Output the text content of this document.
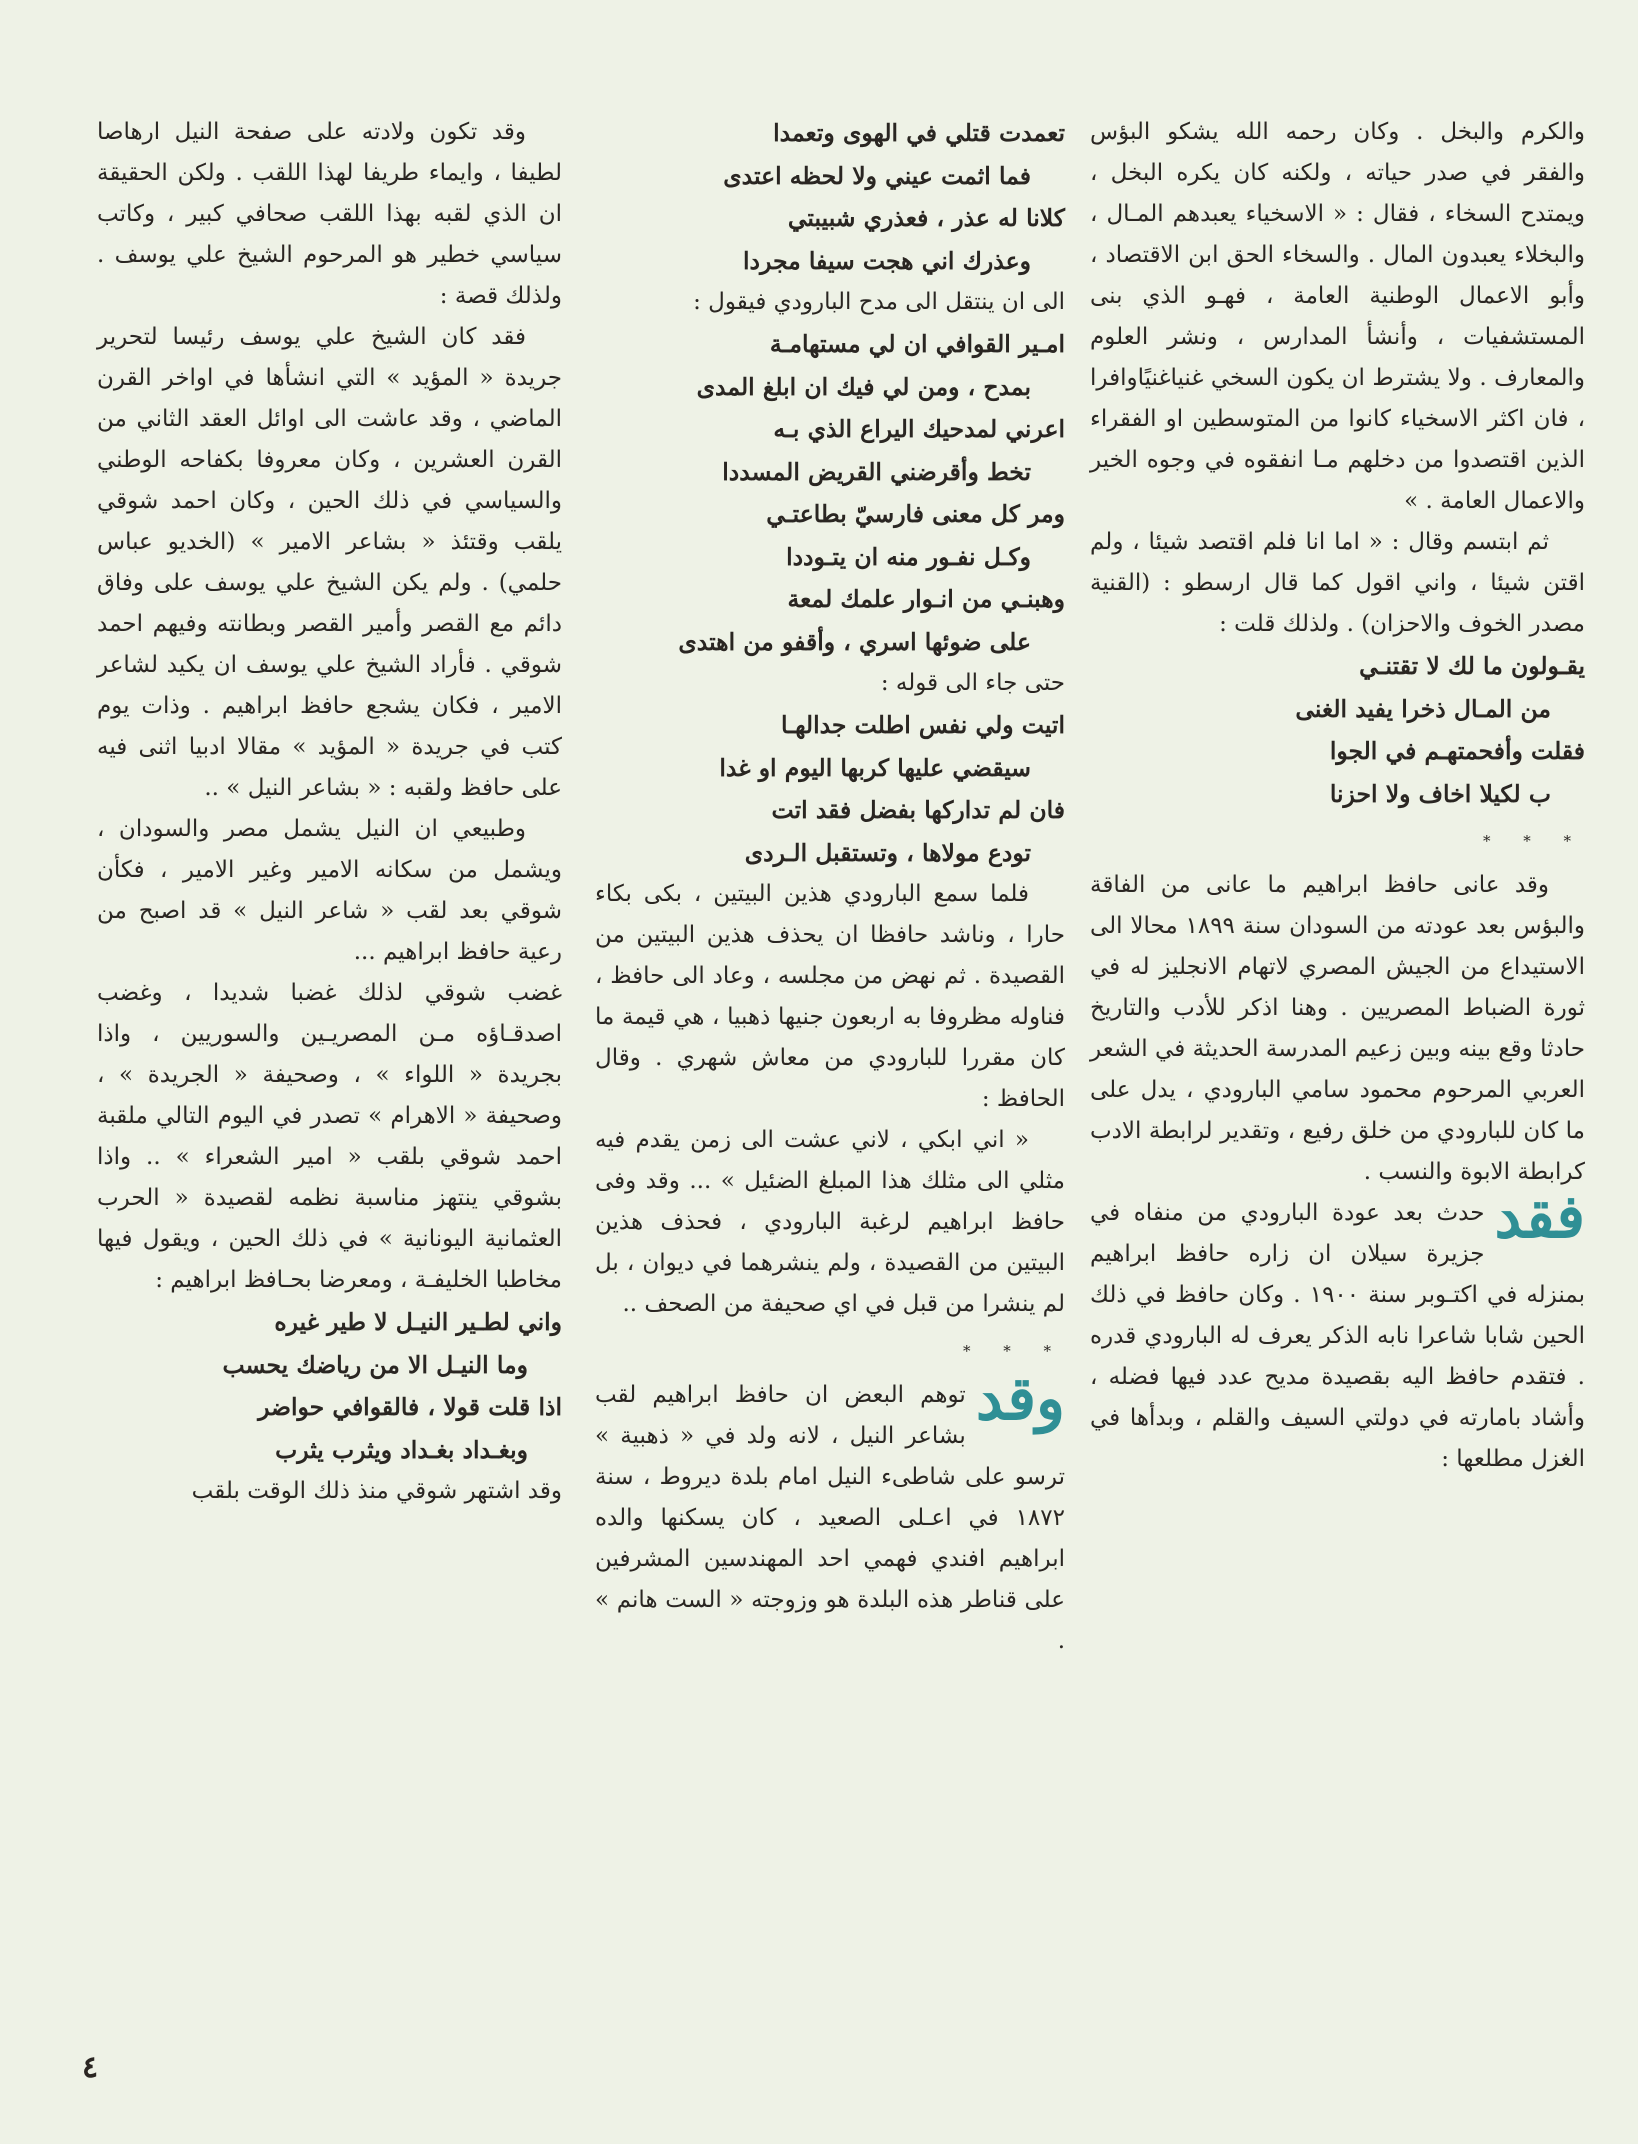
والكرم والبخل . وكان رحمه الله يشكو البؤس والفقر في صدر حياته ، ولكنه كان يكره البخل ، ويمتدح السخاء ، فقال : « الاسخياء يعبدهم المـال ، والبخلاء يعبدون المال . والسخاء الحق ابن الاقتصاد ، وأبو الاعمال الوطنية العامة ، فهـو الذي بنى المستشفيات ، وأنشأ المدارس ، ونشر العلوم والمعارف . ولا يشترط ان يكون السخي غنياغنيًاوافرا ، فان اكثر الاسخياء كانوا من المتوسطين او الفقراء الذين اقتصدوا من دخلهم مـا انفقوه في وجوه الخير والاعمال العامة . »

ثم ابتسم وقال : « اما انا فلم اقتصد شيئا ، ولم اقتن شيئا ، واني اقول كما قال ارسطو : (القنية مصدر الخوف والاحزان) . ولذلك قلت :

يقـولون ما لك لا تقتنـي
من المـال ذخرا يفيد الغنى
فقلت وأفحمتهـم في الجوا
ب لكيلا اخاف ولا احزنا
* * *

وقد عانى حافظ ابراهيم ما عانى من الفاقة والبؤس بعد عودته من السودان سنة ١٨٩٩ محالا الى الاستيداع من الجيش المصري لاتهام الانجليز له في ثورة الضباط المصريين . وهنا اذكر للأدب والتاريخ حادثا وقع بينه وبين زعيم المدرسة الحديثة في الشعر العربي المرحوم محمود سامي البارودي ، يدل على ما كان للبارودي من خلق رفيع ، وتقدير لرابطة الادب كرابطة الابوة والنسب .

فقد
حدث بعد عودة البارودي من منفاه في جزيرة سيلان ان زاره حافظ ابراهيم بمنزله في اكتـوبر سنة ١٩٠٠ . وكان حافظ في ذلك الحين شابا شاعرا نابه الذكر يعرف له البارودي قدره . فتقدم حافظ اليه بقصيدة مديح عدد فيها فضله ، وأشاد بامارته في دولتي السيف والقلم ، وبدأها في الغزل مطلعها :
تعمدت قتلي في الهوى وتعمدا
فما اثمت عيني ولا لحظه اعتدى
كلانا له عذر ، فعذري شبيبتي
وعذرك اني هجت سيفا مجردا

الى ان ينتقل الى مدح البارودي فيقول :

امـير القوافي ان لي مستهامـة
بمدح ، ومن لي فيك ان ابلغ المدى
اعرني لمدحيك اليراع الذي بـه
تخط وأقرضني القريض المسددا
ومر كل معنى فارسيّ بطاعتـي
وكـل نفـور منه ان يتـوددا
وهبنـي من انـوار علمك لمعة
على ضوئها اسري ، وأقفو من اهتدى

حتى جاء الى قوله :

اتيت ولي نفس اطلت جدالهـا
سيقضي عليها كربها اليوم او غدا
فان لم تداركها بفضل فقد اتت
تودع مولاها ، وتستقبل الـردى

فلما سمع البارودي هذين البيتين ، بكى بكاء حارا ، وناشد حافظا ان يحذف هذين البيتين من القصيدة . ثم نهض من مجلسه ، وعاد الى حافظ ، فناوله مظروفا به اربعون جنيها ذهبيا ، هي قيمة ما كان مقررا للبارودي من معاش شهري . وقال الحافظ :

« اني ابكي ، لاني عشت الى زمن يقدم فيه مثلي الى مثلك هذا المبلغ الضئيل » ... وقد وفى حافظ ابراهيم لرغبة البارودي ، فحذف هذين البيتين من القصيدة ، ولم ينشرهما في ديوان ، بل لم ينشرا من قبل في اي صحيفة من الصحف ..

* * *
وقد
توهم البعض ان حافظ ابراهيم لقب بشاعر النيل ، لانه ولد في « ذهبية » ترسو على شاطىء النيل امام بلدة ديروط ، سنة ١٨٧٢ في اعـلى الصعيد ، كان يسكنها والده ابراهيم افندي فهمي احد المهندسين المشرفين على قناطر هذه البلدة هو وزوجته « الست هانم » .

وقد تكون ولادته على صفحة النيل ارهاصا لطيفا ، وايماء طريفا لهذا اللقب . ولكن الحقيقة ان الذي لقبه بهذا اللقب صحافي كبير ، وكاتب سياسي خطير هو المرحوم الشيخ علي يوسف . ولذلك قصة :

فقد كان الشيخ علي يوسف رئيسا لتحرير جريدة « المؤيد » التي انشأها في اواخر القرن الماضي ، وقد عاشت الى اوائل العقد الثاني من القرن العشرين ، وكان معروفا بكفاحه الوطني والسياسي في ذلك الحين ، وكان احمد شوقي يلقب وقتئذ « بشاعر الامير » (الخديو عباس حلمي) . ولم يكن الشيخ علي يوسف على وفاق دائم مع القصر وأمير القصر وبطانته وفيهم احمد شوقي . فأراد الشيخ علي يوسف ان يكيد لشاعر الامير ، فكان يشجع حافظ ابراهيم . وذات يوم كتب في جريدة « المؤيد » مقالا ادبيا اثنى فيه على حافظ ولقبه : « بشاعر النيل » ..

وطبيعي ان النيل يشمل مصر والسودان ، ويشمل من سكانه الامير وغير الامير ، فكأن شوقي بعد لقب « شاعر النيل » قد اصبح من رعية حافظ ابراهيم ...

غضب شوقي لذلك غضبا شديدا ، وغضب اصدقـاؤه مـن المصريـين والسوريين ، واذا بجريدة « اللواء » ، وصحيفة « الجريدة » ، وصحيفة « الاهرام » تصدر في اليوم التالي ملقبة احمد شوقي بلقب « امير الشعراء » .. واذا بشوقي ينتهز مناسبة نظمه لقصيدة « الحرب العثمانية اليونانية » في ذلك الحين ، ويقول فيها مخاطبا الخليفـة ، ومعرضا بحـافظ ابراهيم :

واني لطـير النيـل لا طير غيره
وما النيـل الا من رياضك يحسب
اذا قلت قولا ، فالقوافي حواضر
وبغـداد بغـداد ويثرب يثرب

وقد اشتهر شوقي منذ ذلك الوقت بلقب

٤
